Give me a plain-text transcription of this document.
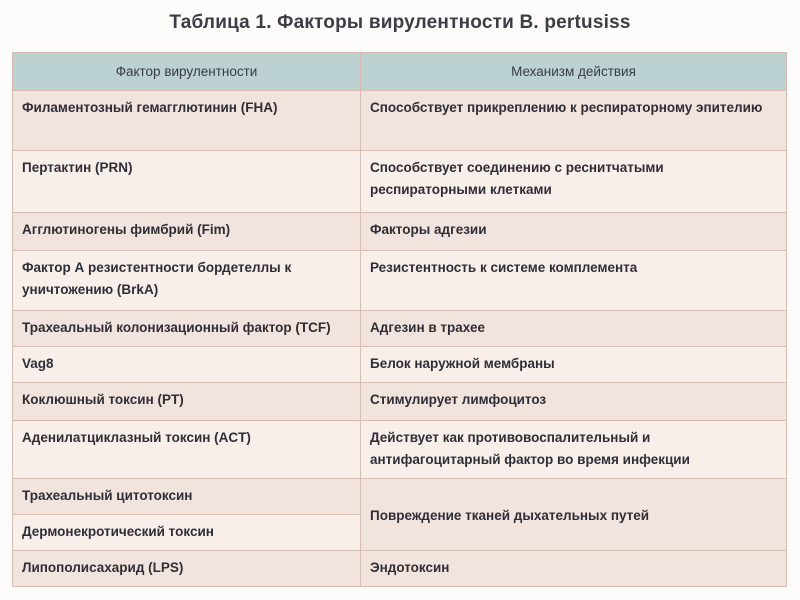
Таблица 1. Факторы вирулентности B. pertusiss
Фактор вирулентности	Механизм действия
Филаментозный гемагглютинин (FHA)	Способствует прикреплению к респираторному эпителию
Пертактин (PRN)	Способствует соединению с реснитчатыми респираторными клетками
Агглютиногены фимбрий (Fim)	Факторы адгезии
Фактор А резистентности бордетеллы к уничтожению (BrkA)	Резистентность к системе комплемента
Трахеальный колонизационный фактор (TCF)	Адгезин в трахее
Vag8	Белок наружной мембраны
Коклюшный токсин (PT)	Стимулирует лимфоцитоз
Аденилатциклазный токсин (ACT)	Действует как противовоспалительный и антифагоцитарный фактор во время инфекции
Трахеальный цитотоксин	Повреждение тканей дыхательных путей
Дермонекротический токсин	
Липополисахарид (LPS)	Эндотоксин
